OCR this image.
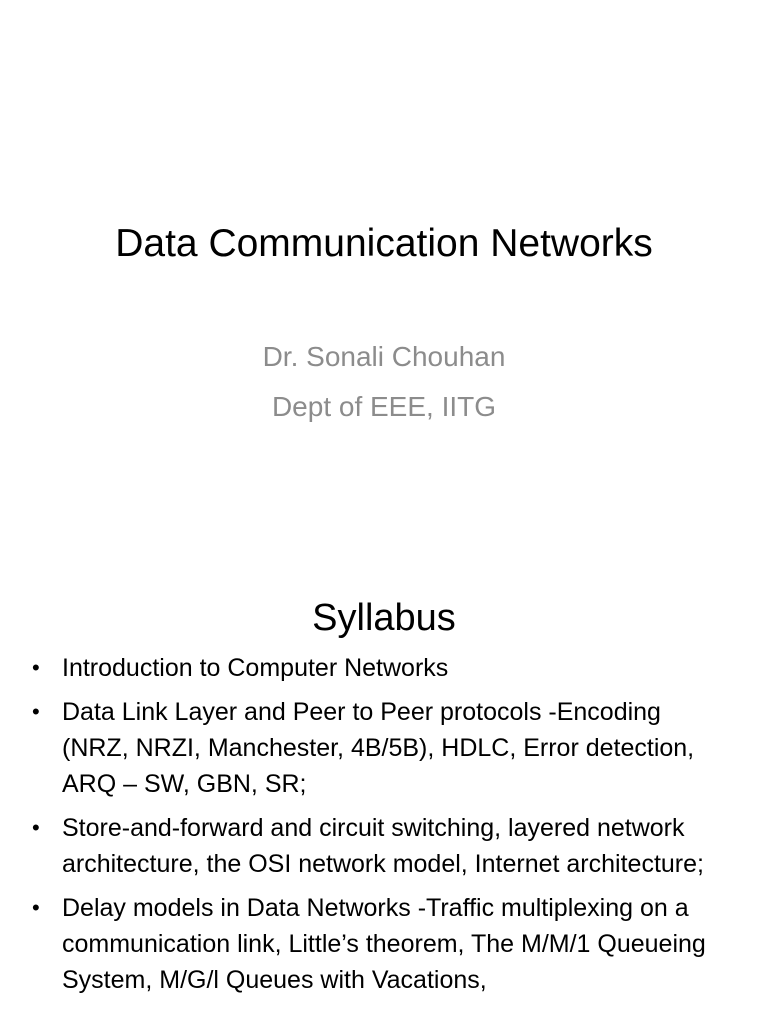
Data Communication Networks
Dr. Sonali Chouhan
Dept of EEE, IITG
Syllabus
• Introduction to Computer Networks
• Data Link Layer and Peer to Peer protocols -Encoding (NRZ, NRZI, Manchester, 4B/5B), HDLC, Error detection, ARQ – SW, GBN, SR;
• Store-and-forward and circuit switching, layered network architecture, the OSI network model, Internet architecture;
• Delay models in Data Networks -Traffic multiplexing on a communication link, Little’s theorem, The M/M/1 Queueing System, M/G/l Queues with Vacations,
